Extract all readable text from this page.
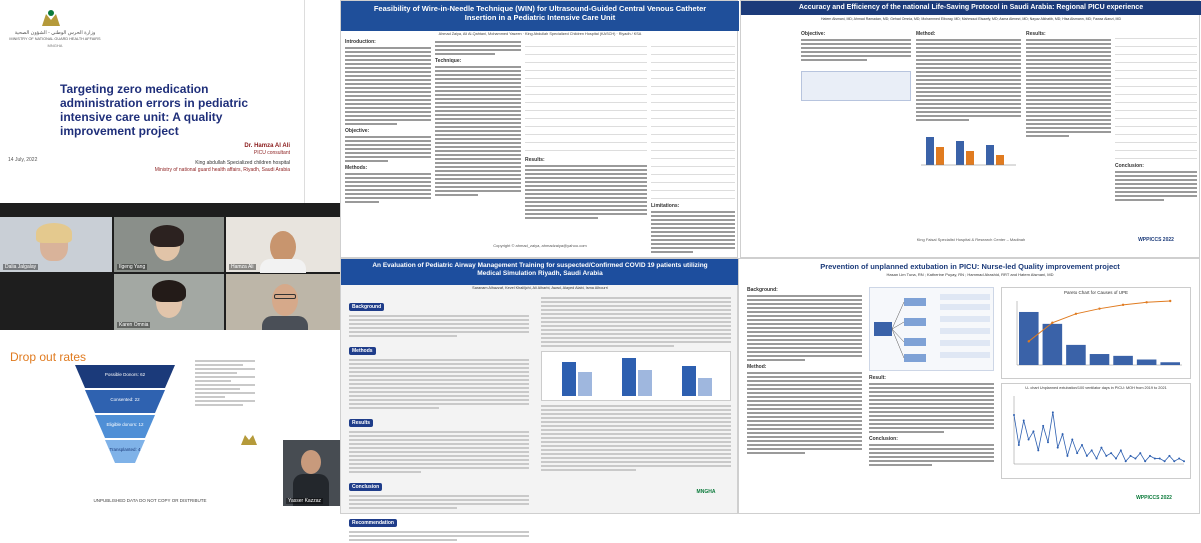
وزارة الحرس الوطني - الشؤون الصحية
MINISTRY OF NATIONAL GUARD HEALTH AFFAIRS
MNGHA
Targeting zero medication administration errors in pediatric intensive care unit: A quality improvement project
Dr. Hamza Al Ali
PICU consultant
14 July, 2022	King abdullah Specialized children hospital
Ministry of national guard health affairs, Riyadh, Saudi Arabia
Dalia Jalgalay	Ilgeng Yang	Hamza Ali
Karen Omnia
Drop out rates
Possible Donors: 62
Consented: 22
Eligible donors: 12
Transplanted: 4
UNPUBLISHED DATA DO NOT COPY OR DISTRIBUTE	Yasser Kazzaz
Feasibility of Wire-in-Needle Technique (WIN) for Ultrasound-Guided Central Venous Catheter Insertion in a Pediatric Intensive Care Unit
Ahmad Zaiya, Ali Al-Qahtani, Mohammed Yaseen · King Abdullah Specialized Children Hospital (KASCH) · Riyadh / KSA
Introduction:
Objective:
Methods:
Technique:

Results:

Limitations:
Copyright © ahmad_zaiya, ahmadzaiya@yahoo.com
Accuracy and Efficiency of the national Life-Saving Protocol in Saudi Arabia: Regional PICU experience
Hatem Alsmani, MD; Ahmad Ramadan, MD; Gehad Omnia, MD; Mohammed Elboray, MD; Mahmoud Elsawfy, MD; Asma Alenezi, MD; Nayaz Alkhatib, MD; Hisa Alsmann, MD; Fawaz Alanzi, MD
Objective:	Method:	Results:

Conclusion:
King Faisal Specialist Hospital & Research Center – Madinah	WPPICCS 2022
An Evaluation of Pediatric Airway Management Training for suspected/Confirmed COVID 19 patients utilizing Medical Simulation Riyadh, Saudi Arabia
Saranam Alhazzaf, Kevel Khaliljchi, Ali Alharbi, Awad, Alayed Alabi, Isma Alhourri
Background
Methods
Results
Conclusion
Recommendation
MNGHA
Prevention of unplanned extubation in PICU: Nurse-led Quality improvement project
Hasan Lim Tuna, RN ; Katherine Puyay, RN ; Hammad Alrashid, RRT and Hatem Alsmani, MD
Background:
Method:
Result:
Conclusion:
Pareto Chart for Causes of UPE
U- chart Unplanned extubation/100 ventilator days in PICU: MOH from 2019 to 2021
WPPICCS 2022
